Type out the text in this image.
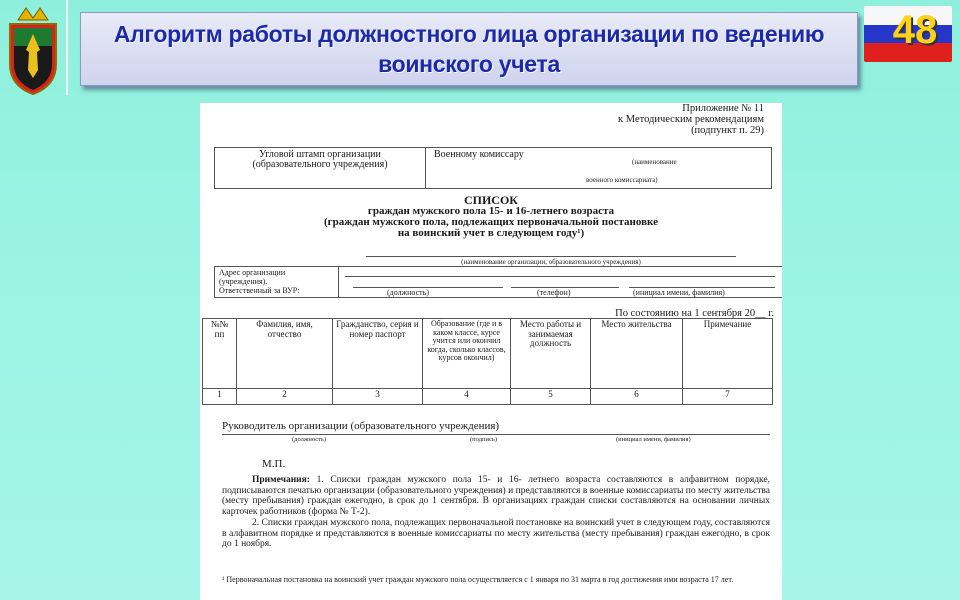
Алгоритм работы должностного лица организации по ведению
воинского учета
48
Приложение № 11
к Методическим рекомендациям
(подпункт п. 29)
Угловой штамп организации (образовательного учреждения)
Военному комиссару
(наименование
военного комиссариата)
СПИСОК
граждан мужского пола 15- и 16-летнего возраста
(граждан мужского пола, подлежащих первоначальной постановке
на воинский учет в следующем году¹)
(наименование организации, образовательного учреждения)
Адрес организации (учреждения).
Ответственный за ВУР:	(должность)	(телефон)	(инициал имени, фамилия)
По состоянию на 1 сентября 20__ г.
№№ пп	Фамилия, имя, отчество	Гражданство, серия и номер паспорт	Образование (где и в каком классе, курсе учится или окончил когда, сколько классов, курсов окончил)	Место работы и занимаемая должность	Место жительства	Примечание
1	2	3	4	5	6	7
Руководитель организации (образовательного учреждения)
(должность)	(подпись)	(инициал имени, фамилия)
М.П.

Примечания: 1. Списки граждан мужского пола 15- и 16- летнего возраста составляются в алфавитном порядке, подписываются печатью организации (образовательного учреждения) и представляются в военные комиссариаты по месту жительства (месту пребывания) граждан ежегодно, в срок до 1 сентября. В организациях граждан списки составляются на основании личных карточек работников (форма № Т-2).

2. Списки граждан мужского пола, подлежащих первоначальной постановке на воинский учет в следующем году, составляются в алфавитном порядке и представляются в военные комиссариаты по месту жительства (месту пребывания) граждан ежегодно, в срок до 1 ноября.

¹ Первоначальная постановка на воинский учет граждан мужского пола осуществляется с 1 января по 31 марта в год достижения ими возраста 17 лет.
